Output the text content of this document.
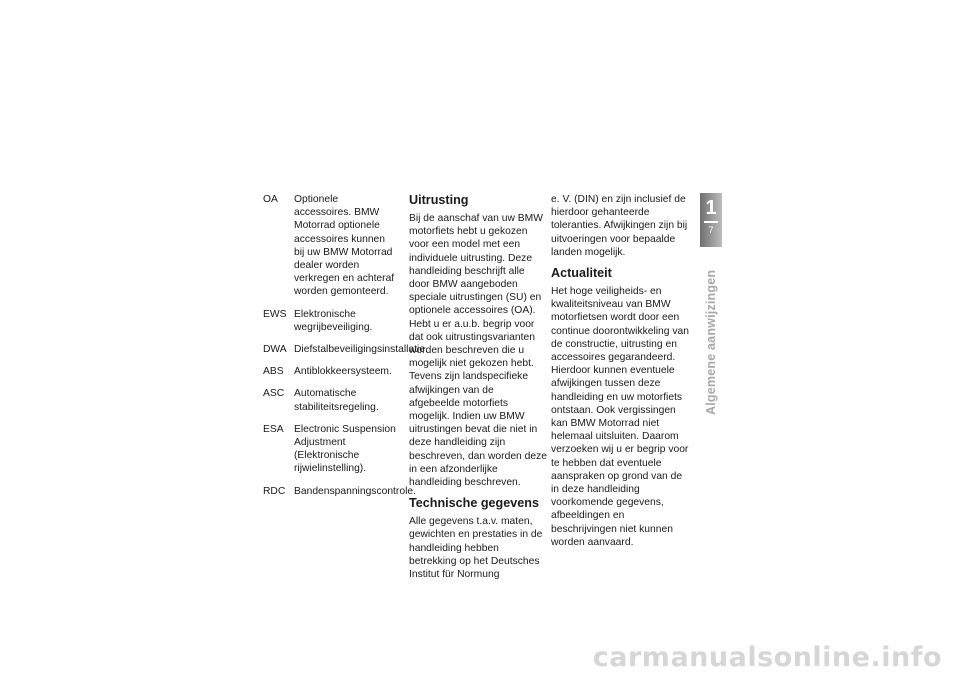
OA	Optionele accessoires. BMW Motorrad optionele accessoires kunnen bij uw BMW Motorrad dealer worden verkregen en achteraf worden gemonteerd.
EWS Elektronische wegrijbeveiliging.
DWA Diefstalbeveiligingsinstallatie.
ABS	Antiblokkeersysteem.
ASC Automatische stabiliteitsregeling.
ESA	Electronic Suspension Adjustment (Elektronische rijwielinstelling).
RDC Bandenspanningscontrole.
Uitrusting

Bij de aanschaf van uw BMW motorfiets hebt u gekozen voor een model met een individuele uitrusting. Deze handleiding beschrijft alle door BMW aangeboden speciale uitrustingen (SU) en optionele accessoires (OA). Hebt u er a.u.b. begrip voor dat ook uitrustingsvarianten worden beschreven die u mogelijk niet gekozen hebt. Tevens zijn landspecifieke afwijkingen van de afgebeelde motorfiets mogelijk. Indien uw BMW uitrustingen bevat die niet in deze handleiding zijn beschreven, dan worden deze in een afzonderlijke handleiding beschreven.

Technische gegevens

Alle gegevens t.a.v. maten, gewichten en prestaties in de handleiding hebben betrekking op het Deutsches Institut für Normung

e. V. (DIN) en zijn inclusief de hierdoor gehanteerde toleranties. Afwijkingen zijn bij uitvoeringen voor bepaalde landen mogelijk.

Actualiteit

Het hoge veiligheids- en kwaliteitsniveau van BMW motorfietsen wordt door een continue doorontwikkeling van de constructie, uitrusting en accessoires gegarandeerd. Hierdoor kunnen eventuele afwijkingen tussen deze handleiding en uw motorfiets ontstaan. Ook vergissingen kan BMW Motorrad niet helemaal uitsluiten. Daarom verzoeken wij u er begrip voor te hebben dat eventuele aanspraken op grond van de in deze handleiding voorkomende gegevens, afbeeldingen en beschrijvingen niet kunnen worden aanvaard.

1
7
Algemene aanwijzingen
carmanualsonline.info
